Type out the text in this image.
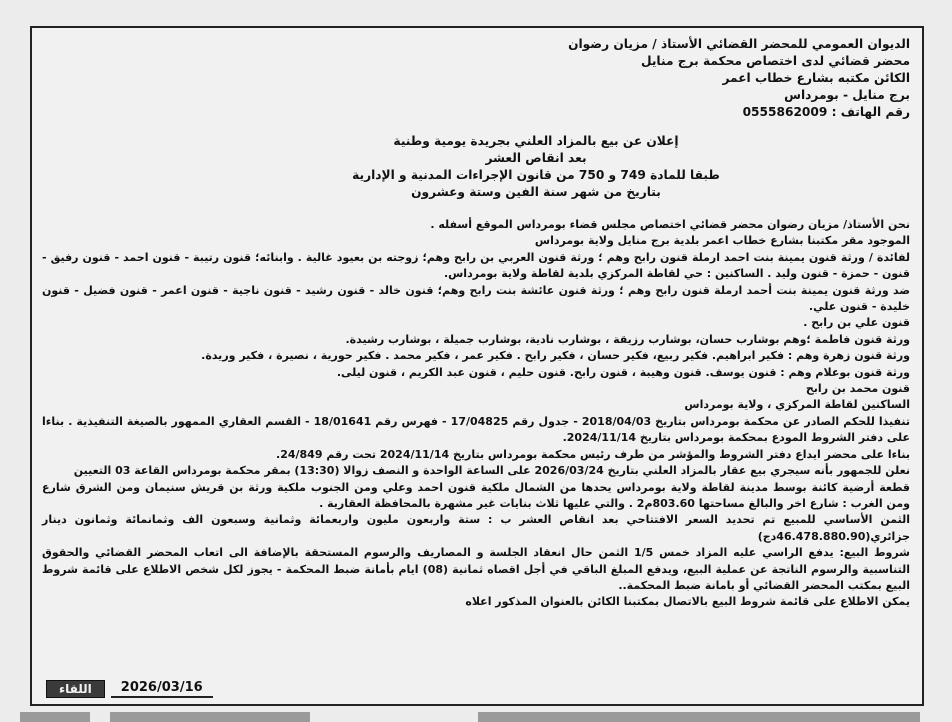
الديوان العمومي للمحضر القضائي الأستاذ / مزيان رضوان

محضر قضائي لدى اختصاص محكمة برج منايل

الكائن مكتبه بشارع خطاب اعمر

برج منايل - بومرداس

رقم الهاتف : 0555862009

إعلان عن بيع بالمزاد العلني بجريدة يومية وطنية

بعد انقاص العشر

طبقا للمادة 749 و 750 من قانون الإجراءات المدنية و الإدارية

بتاريخ من شهر سنة الفين وستة وعشرون

نحن الأستاذ/ مزيان رضوان محضر قضائي اختصاص مجلس قضاء بومرداس الموقع أسفله .

الموجود مقر مكتبنا بشارع خطاب اعمر بلدية برج منايل ولاية بومرداس

لفائدة / ورثة قنون يمينة بنت احمد ارملة قنون رابح وهم ؛ ورثة قنون العربي بن رابح وهم؛ زوجته بن بعيود غالية . وابنائه؛ قنون رتيبة - قنون احمد - قنون رفيق - قنون - حمزة - قنون وليد . الساكنين : حي لقاطة المركزي بلدية لقاطة ولاية بومرداس.

ضد ورثة قنون يمينة بنت أحمد ارملة قنون رابح وهم ؛ ورثة قنون عائشة بنت رابح وهم؛ قنون خالد - قنون رشيد - قنون ناجية - قنون اعمر - قنون فضيل - قنون خليدة - قنون علي.

قنون علي بن رابح .

ورثة قنون فاطمة ؛وهم بوشارب حسان، بوشارب رزيقة ، بوشارب نادية، بوشارب جميلة ، بوشارب رشيدة.

ورثة قنون زهرة وهم : فكير ابراهيم. فكير ربيع، فكير حسان ، فكير رابح . فكير عمر ، فكير محمد . فكير حورية ، نصيرة ، فكير وريدة.

ورثة قنون بوعلام وهم : قنون يوسف. قنون وهيبة ، قنون رابح. قنون حليم ، قنون عبد الكريم ، قنون ليلى.

قنون محمد بن رابح

الساكنين لقاطة المركزي ، ولاية بومرداس

تنفيذا للحكم الصادر عن محكمة بومرداس بتاريخ 2018/04/03 - جدول رقم 17/04825 - فهرس رقم 18/01641 - القسم العقاري الممهور بالصيغة التنفيذية . بناءا على دفتر الشروط المودع بمحكمة بومرداس بتاريخ 2024/11/14.

بناءا على محضر ايداع دفتر الشروط والمؤشر من طرف رئيس محكمة بومرداس بتاريخ 2024/11/14 تحت رقم 24/849.

نعلن للجمهور بأنه سيجري بيع عقار بالمزاد العلني بتاريخ 2026/03/24 على الساعة الواحدة و النصف زوالا (13:30) بمقر محكمة بومرداس القاعة 03 التعيين

قطعة أرضية كائنة بوسط مدينة لقاطة ولاية بومرداس يحدها من الشمال ملكية قنون احمد وعلي ومن الجنوب ملكية ورثة بن قريش سنيمان ومن الشرق شارع ومن الغرب : شارع اخر والبالغ مساحتها 803.60م2 . والتي عليها ثلاث بنايات غير مشهرة بالمحافظة العقارية .

الثمن الأساسي للمبيع تم تحديد السعر الافتتاحي بعد انقاص العشر ب : ستة واربعون مليون واربعمائة وثمانية وسبعون الف وثمانمائة وثمانون دينار جزائري(46.478.880.90دج)

شروط البيع: يدفع الراسي عليه المزاد خمس 1/5 الثمن حال انعقاد الجلسة و المصاريف والرسوم المستحقة بالإضافة الى اتعاب المحضر القضائي والحقوق التناسبية والرسوم الناتجة عن عملية البيع، ويدفع المبلغ الباقي في أجل اقصاه ثمانية (08) ايام بأمانة ضبط المحكمة - يجوز لكل شخص الاطلاع على قائمة شروط البيع بمكتب المحضر القضائي أو بامانة ضبط المحكمة..

يمكن الاطلاع على قائمة شروط البيع بالاتصال بمكتبنا الكائن بالعنوان المذكور اعلاه

اللقاء	2026/03/16
